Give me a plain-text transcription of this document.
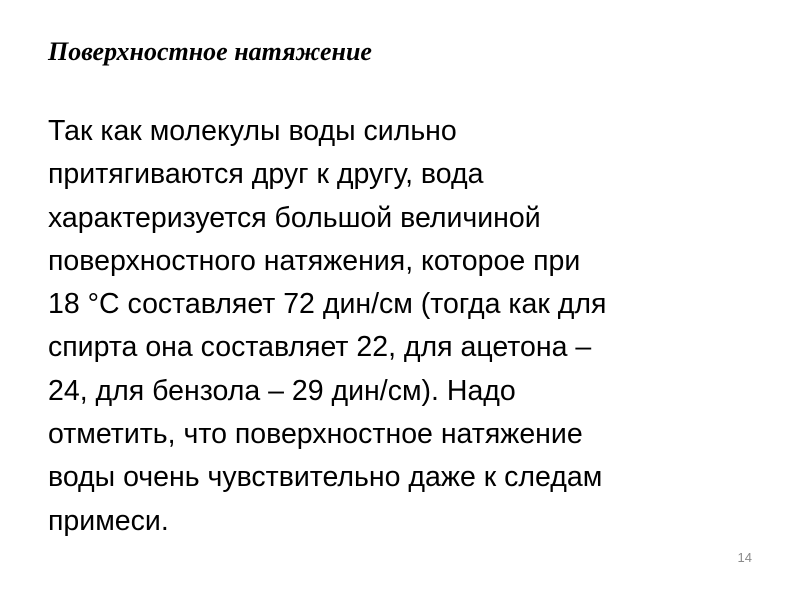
Поверхностное натяжение

Так как молекулы воды сильно
притягиваются друг к другу, вода
характеризуется большой величиной
поверхностного натяжения, которое при
18 °С составляет 72 дин/см (тогда как для
спирта она составляет 22, для ацетона –
24, для бензола – 29 дин/см). Надо
отметить, что поверхностное натяжение
воды очень чувствительно даже к следам
примеси.

14
